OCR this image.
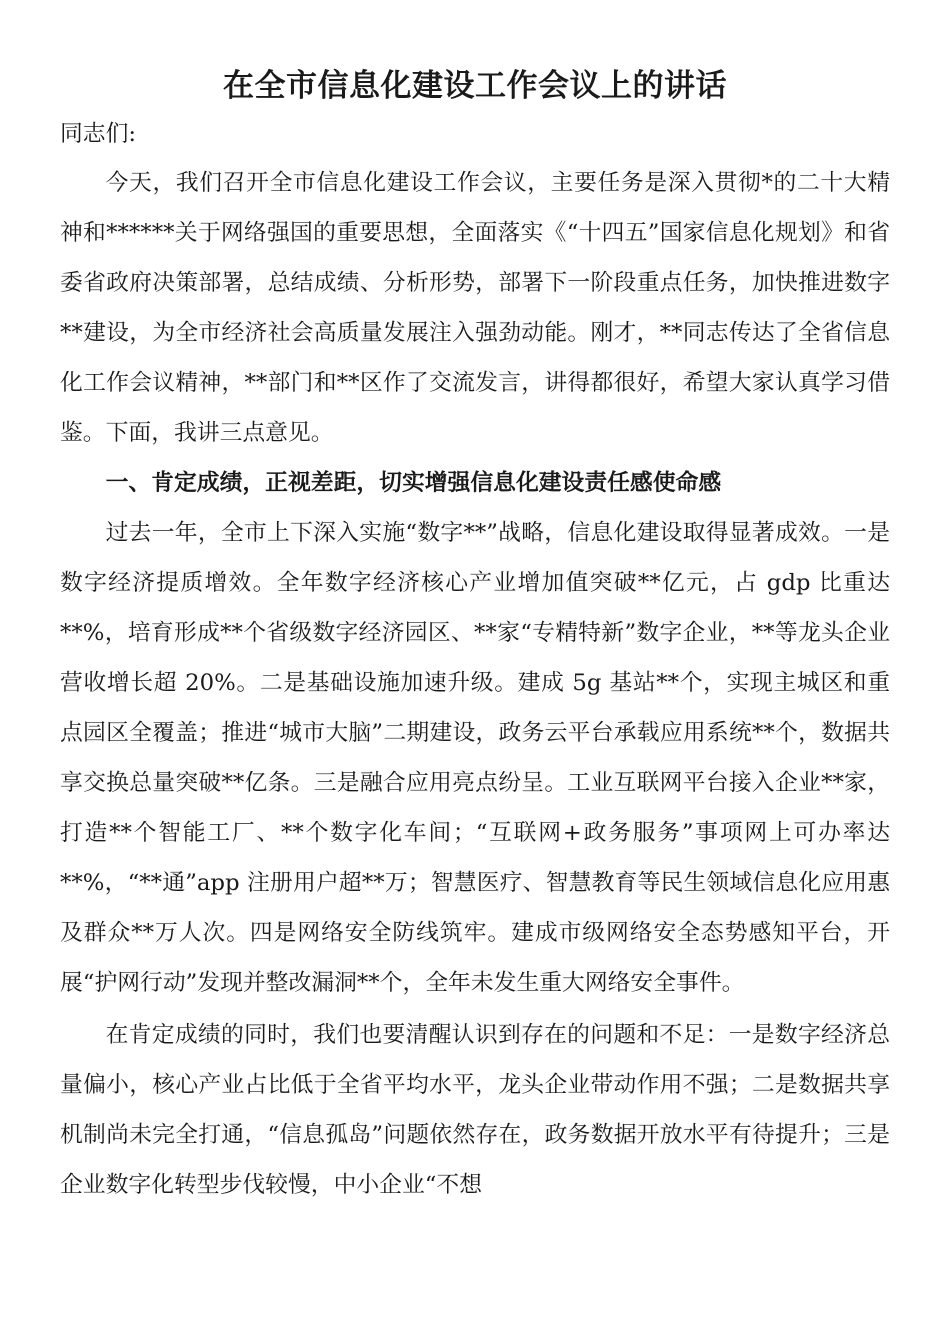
在全市信息化建设工作会议上的讲话

同志们:

今天，我们召开全市信息化建设工作会议，主要任务是深入贯彻*的二十大精神和******关于网络强国的重要思想，全面落实《“十四五”国家信息化规划》和省委省政府决策部署，总结成绩、分析形势，部署下一阶段重点任务，加快推进数字**建设，为全市经济社会高质量发展注入强劲动能。刚才，**同志传达了全省信息化工作会议精神，**部门和**区作了交流发言，讲得都很好，希望大家认真学习借鉴。下面，我讲三点意见。

一、肯定成绩，正视差距，切实增强信息化建设责任感使命感

过去一年，全市上下深入实施“数字**”战略，信息化建设取得显著成效。一是数字经济提质增效。全年数字经济核心产业增加值突破**亿元，占 gdp 比重达**%，培育形成**个省级数字经济园区、**家“专精特新”数字企业，**等龙头企业营收增长超 20%。二是基础设施加速升级。建成 5g 基站**个，实现主城区和重点园区全覆盖；推进“城市大脑”二期建设，政务云平台承载应用系统**个，数据共享交换总量突破**亿条。三是融合应用亮点纷呈。工业互联网平台接入企业**家，打造**个智能工厂、**个数字化车间；“互联网+政务服务”事项网上可办率达**%，“**通”app 注册用户超**万；智慧医疗、智慧教育等民生领域信息化应用惠及群众**万人次。四是网络安全防线筑牢。建成市级网络安全态势感知平台，开展“护网行动”发现并整改漏洞**个，全年未发生重大网络安全事件。

在肯定成绩的同时，我们也要清醒认识到存在的问题和不足：一是数字经济总量偏小，核心产业占比低于全省平均水平，龙头企业带动作用不强；二是数据共享机制尚未完全打通，“信息孤岛”问题依然存在，政务数据开放水平有待提升；三是企业数字化转型步伐较慢，中小企业“不想
